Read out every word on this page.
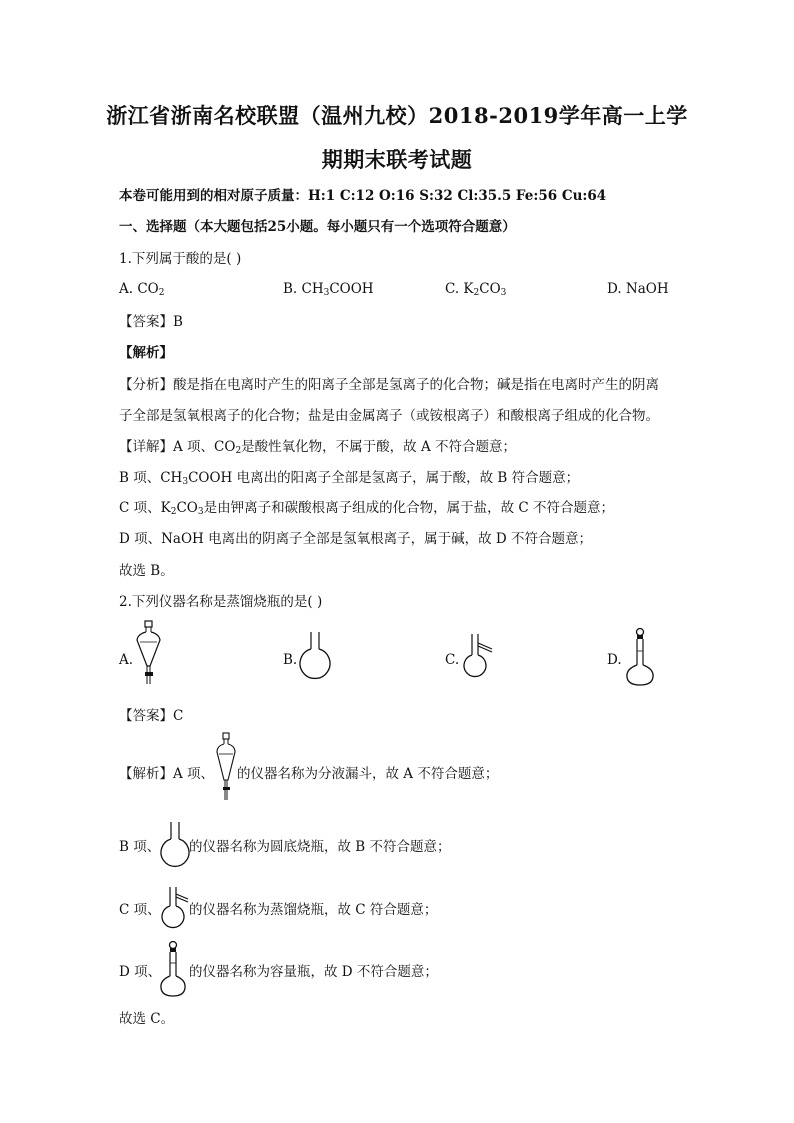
浙江省浙南名校联盟（温州九校）2018-2019学年高一上学
期期末联考试题
本卷可能用到的相对原子质量：H:1 C:12 O:16 S:32 Cl:35.5 Fe:56 Cu:64
一、选择题（本大题包括25小题。每小题只有一个选项符合题意）
1.下列属于酸的是( )
A. $CO_2$	B. $CH_3COOH$	C. $K_2CO_3$	D. NaOH
【答案】B
【解析】
【分析】酸是指在电离时产生的阳离子全部是氢离子的化合物；碱是指在电离时产生的阴离
子全部是氢氧根离子的化合物；盐是由金属离子（或铵根离子）和酸根离子组成的化合物。
【详解】A 项、$CO_2$是酸性氧化物，不属于酸，故 A 不符合题意；
B 项、$CH_3COOH$ 电离出的阳离子全部是氢离子，属于酸，故 B 符合题意；
C 项、$K_2CO_3$是由钾离子和碳酸根离子组成的化合物，属于盐，故 C 不符合题意；
D 项、NaOH 电离出的阴离子全部是氢氧根离子，属于碱，故 D 不符合题意；
故选 B。
2.下列仪器名称是蒸馏烧瓶的是( )
A.	B.	C.	D.
【答案】C
【解析】A 项、 的仪器名称为分液漏斗，故 A 不符合题意；
B 项、 的仪器名称为圆底烧瓶，故 B 不符合题意；
C 项、 的仪器名称为蒸馏烧瓶，故 C 符合题意；
D 项、 的仪器名称为容量瓶，故 D 不符合题意；
故选 C。
